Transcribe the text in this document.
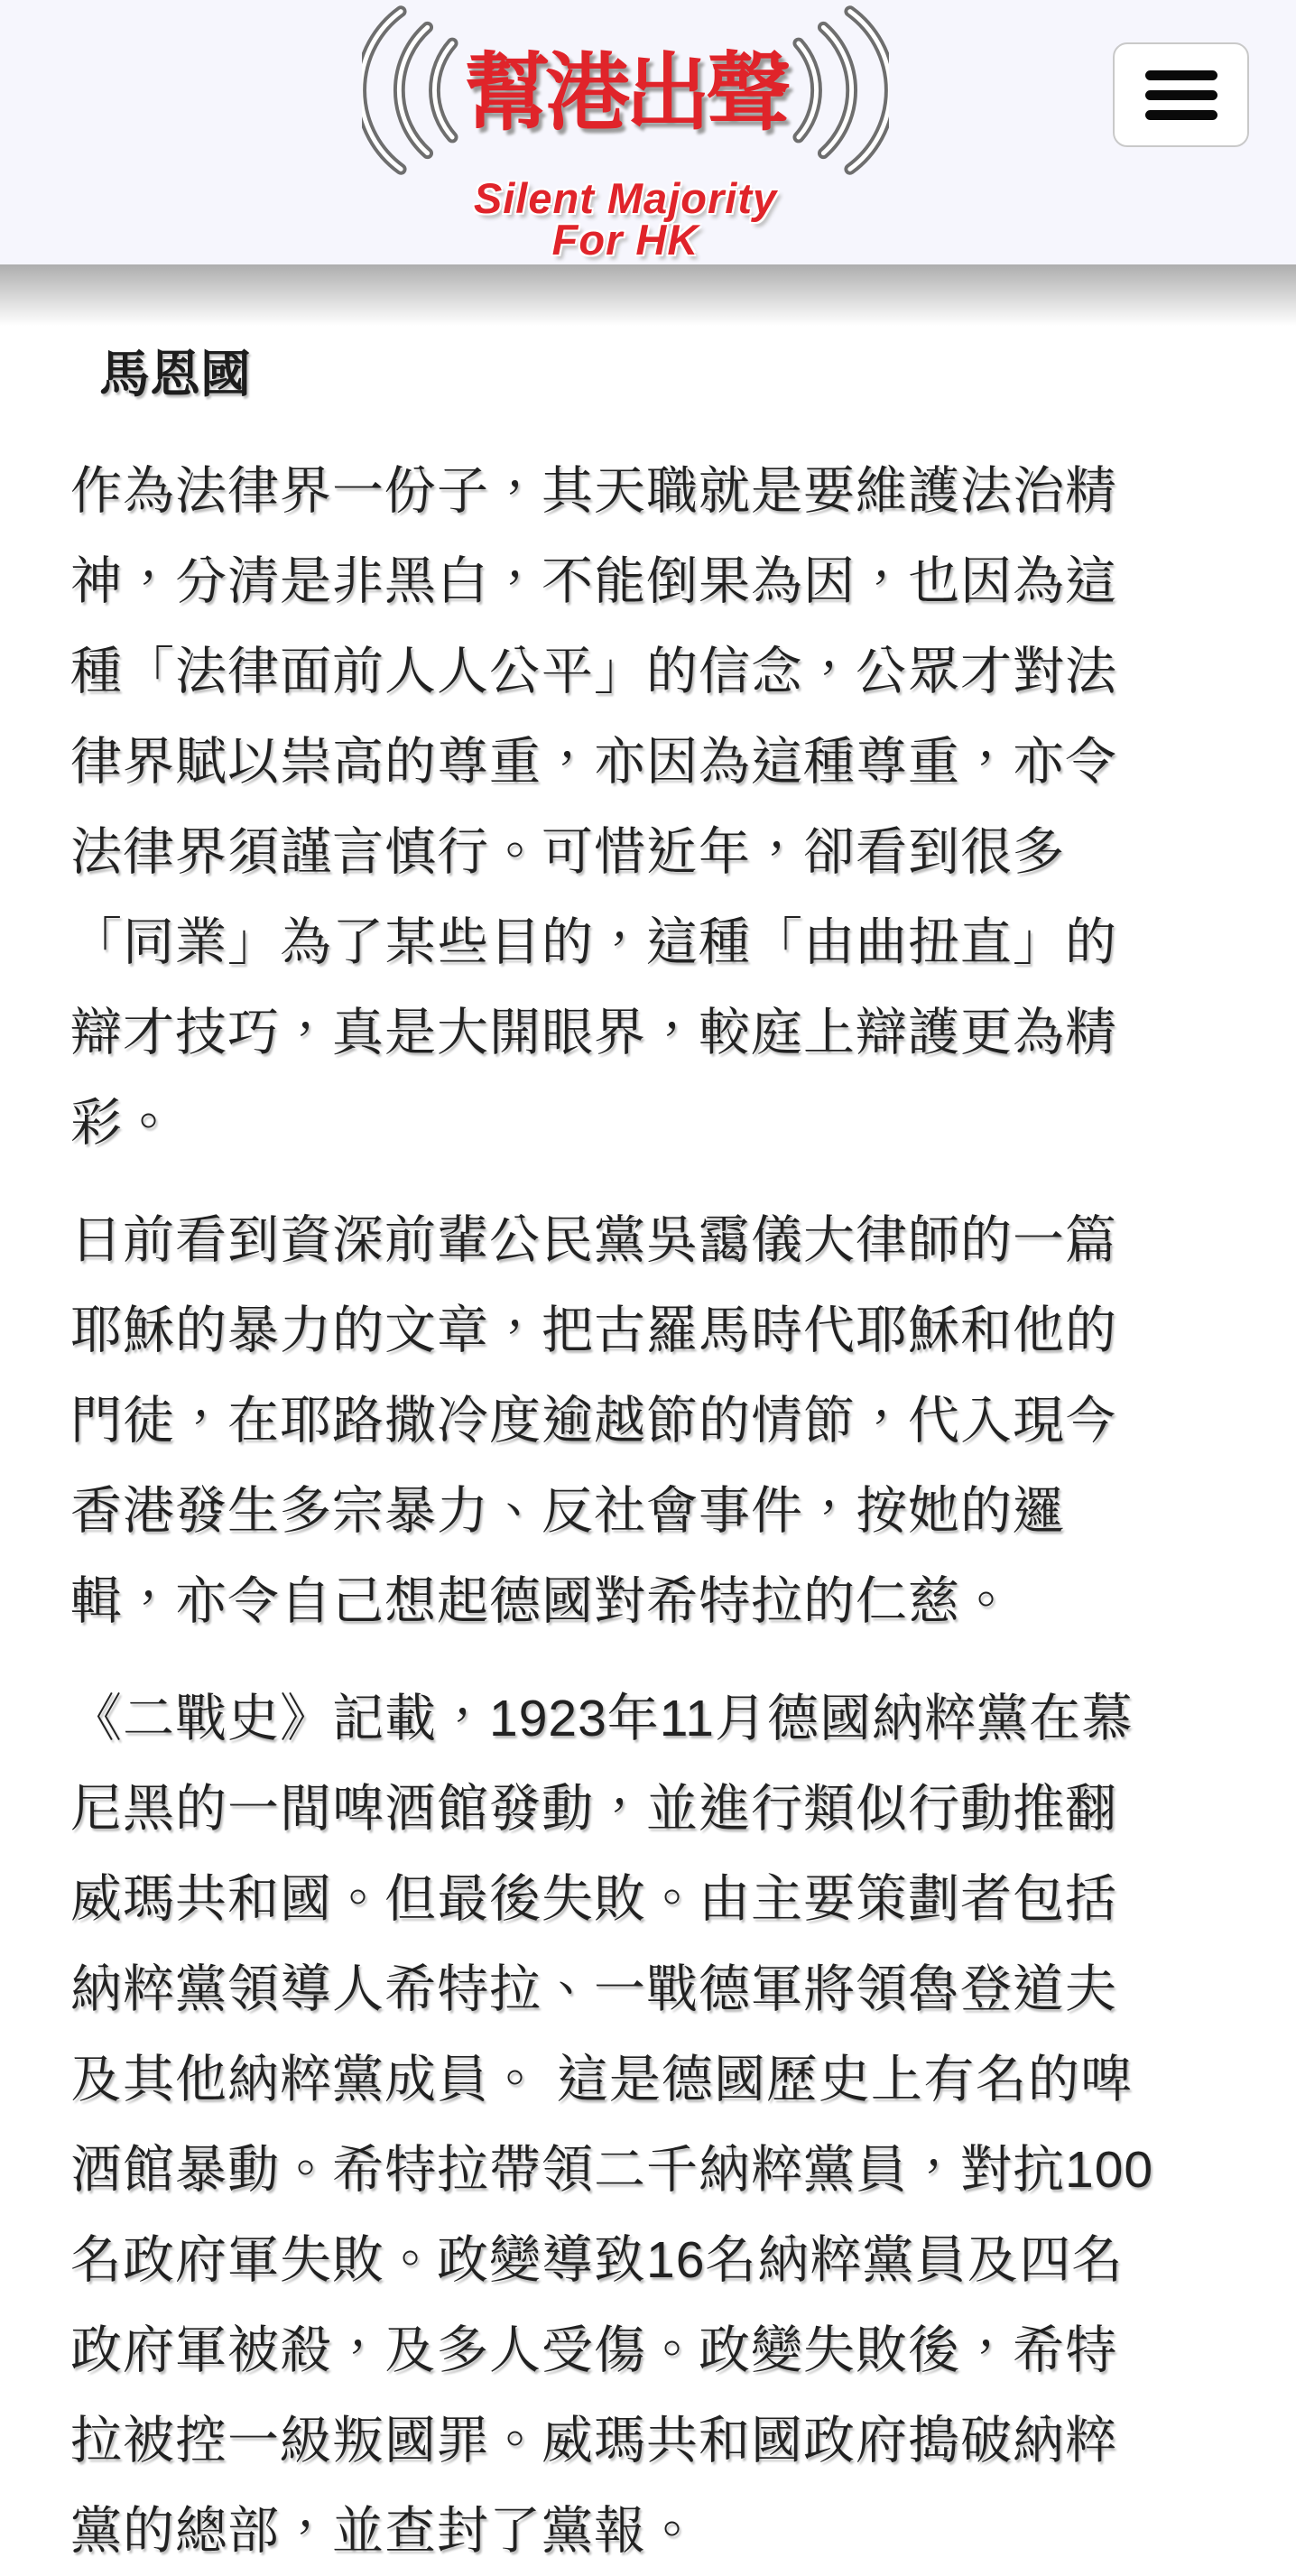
幫港出聲
Silent Majority
For HK
馬恩國

作為法律界一份子，其天職就是要維護法治精神，分清是非黑白，不能倒果為因，也因為這種「法律面前人人公平」的信念，公眾才對法律界賦以祟高的尊重，亦因為這種尊重，亦令法律界須謹言慎行。可惜近年，卻看到很多「同業」為了某些目的，這種「由曲扭直」的辯才技巧，真是大開眼界，較庭上辯護更為精彩。

日前看到資深前輩公民黨吳靄儀大律師的一篇耶穌的暴力的文章，把古羅馬時代耶穌和他的門徒，在耶路撒冷度逾越節的情節，代入現今香港發生多宗暴力、反社會事件，按她的邏輯，亦令自己想起德國對希特拉的仁慈。

《二戰史》記載，1923年11月德國納粹黨在慕尼黑的一間啤酒館發動，並進行類似行動推翻威瑪共和國。但最後失敗。由主要策劃者包括納粹黨領導人希特拉、一戰德軍將領魯登道夫及其他納粹黨成員。 這是德國歷史上有名的啤酒館暴動。希特拉帶領二千納粹黨員，對抗100名政府軍失敗。政變導致16名納粹黨員及四名政府軍被殺，及多人受傷。政變失敗後，希特拉被控一級叛國罪。威瑪共和國政府搗破納粹黨的總部，並查封了黨報。
